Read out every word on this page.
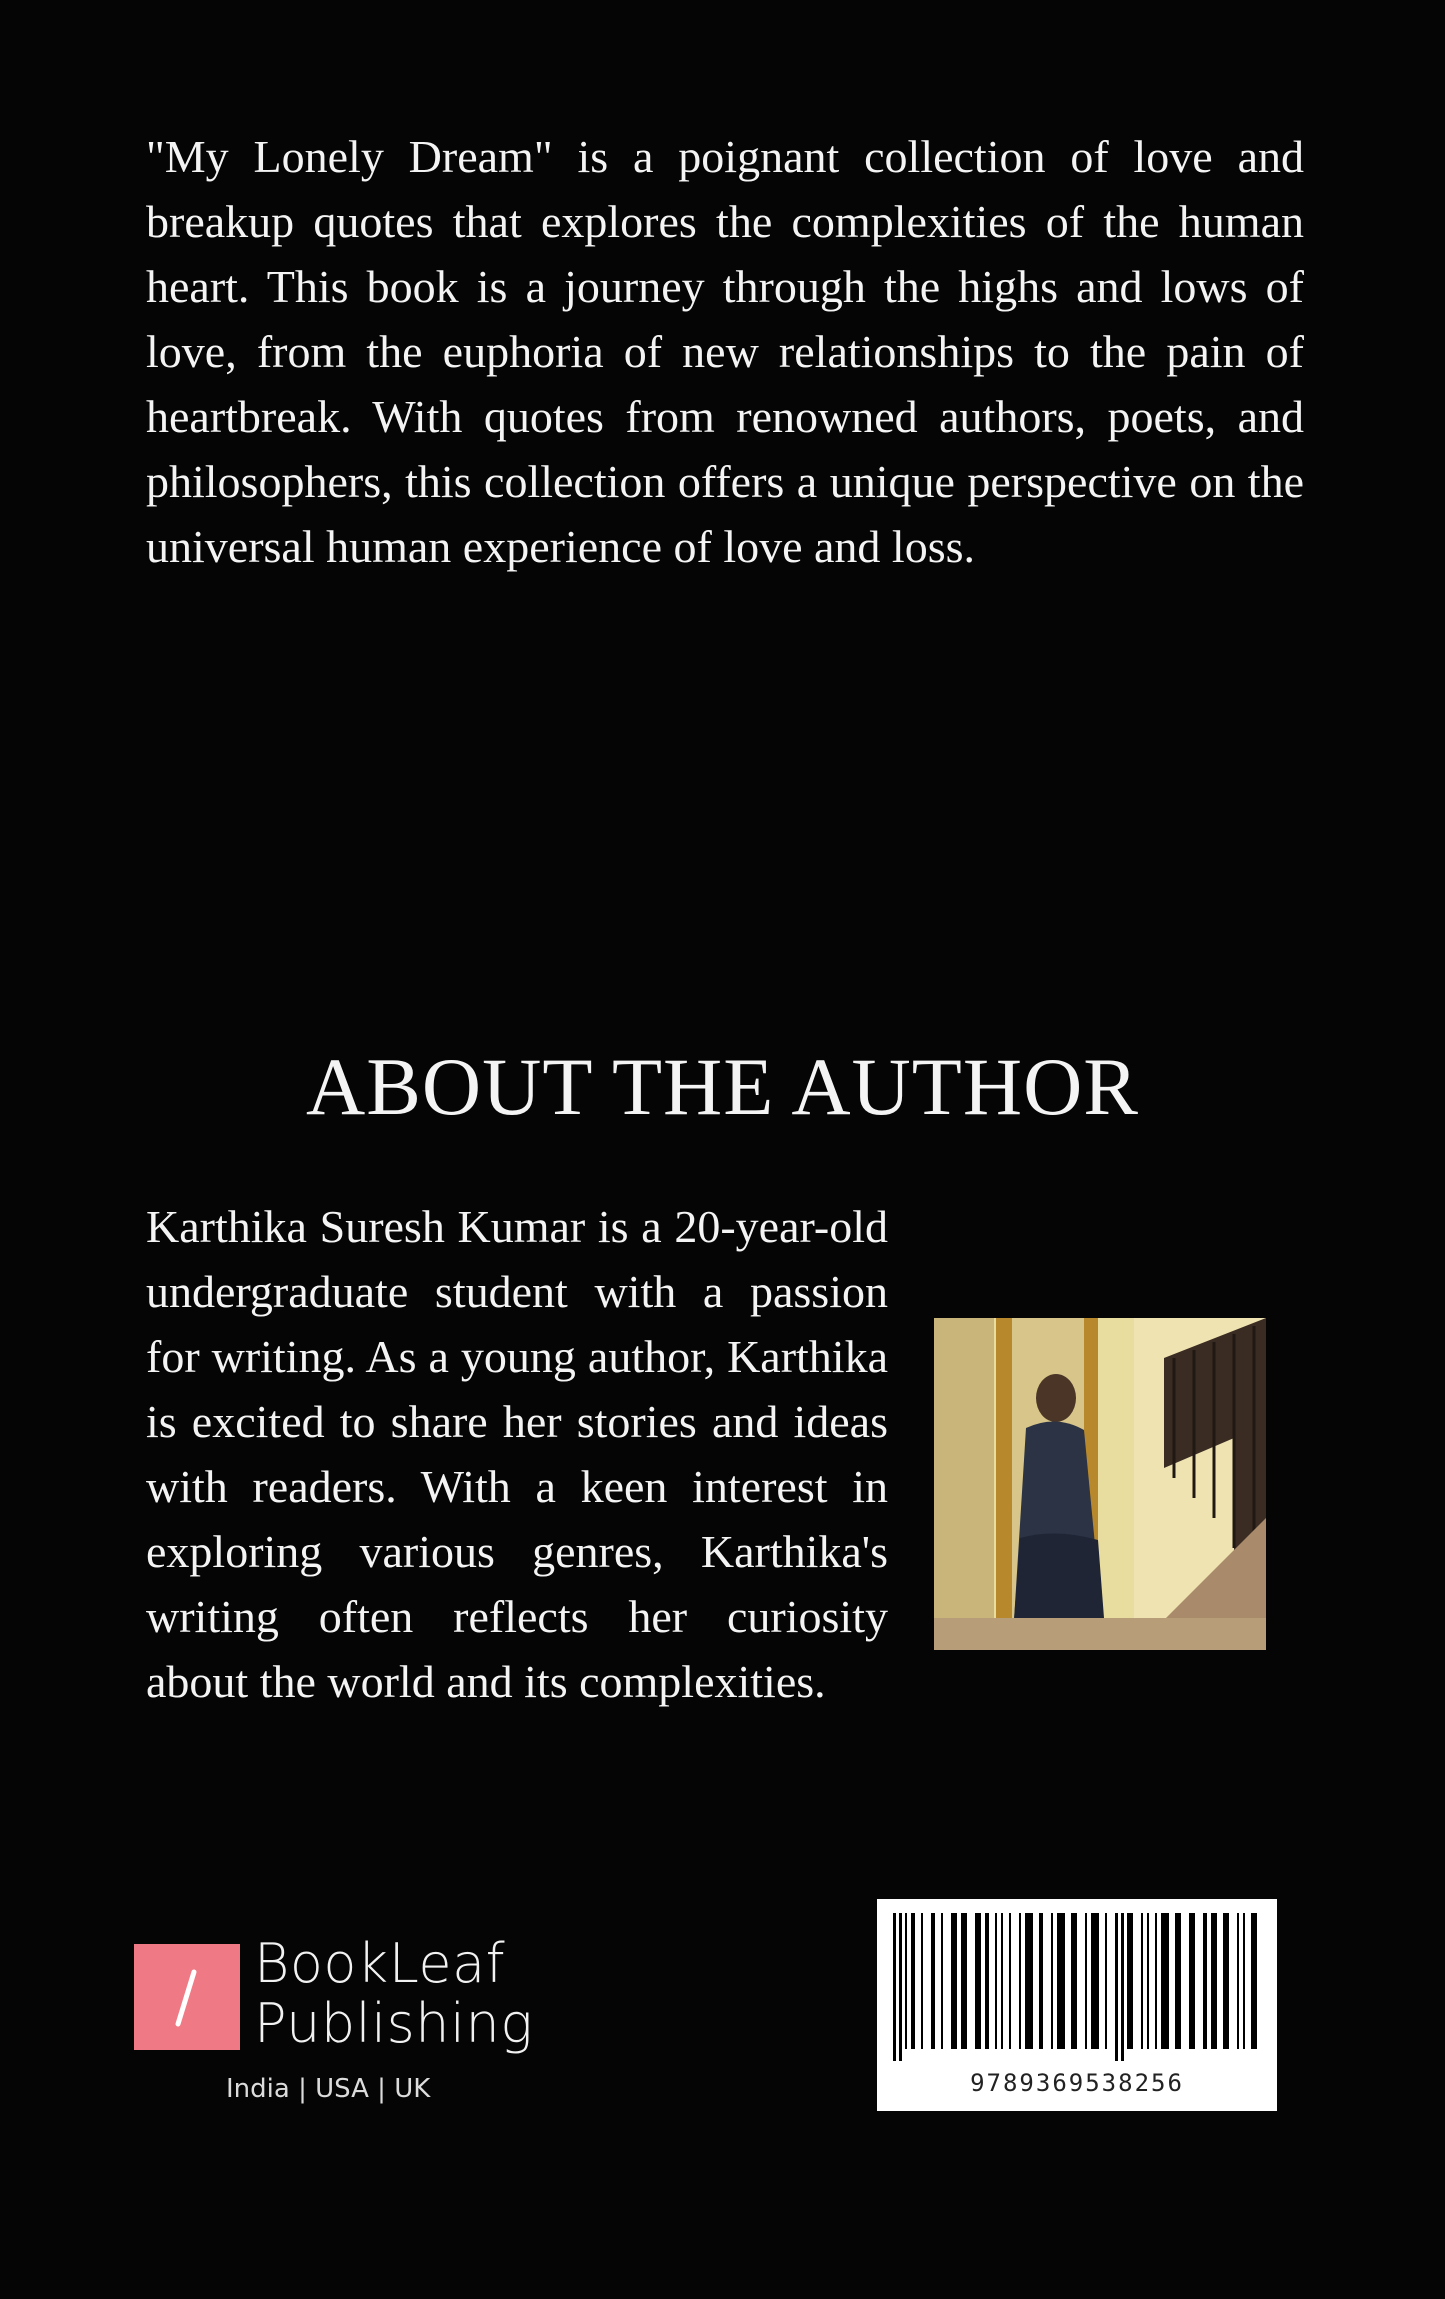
"My Lonely Dream" is a poignant collection of love and breakup quotes that explores the complexities of the human heart. This book is a journey through the highs and lows of love, from the euphoria of new relationships to the pain of heartbreak. With quotes from renowned authors, poets, and philosophers, this collection offers a unique perspective on the universal human experience of love and loss.

ABOUT THE AUTHOR

Karthika Suresh Kumar is a 20-year-old undergraduate student with a passion for writing. As a young author, Karthika is excited to share her stories and ideas with readers. With a keen interest in exploring various genres, Karthika's writing often reflects her curiosity about the world and its complexities.

BookLeaf
Publishing
India | USA | UK	9789369538256
